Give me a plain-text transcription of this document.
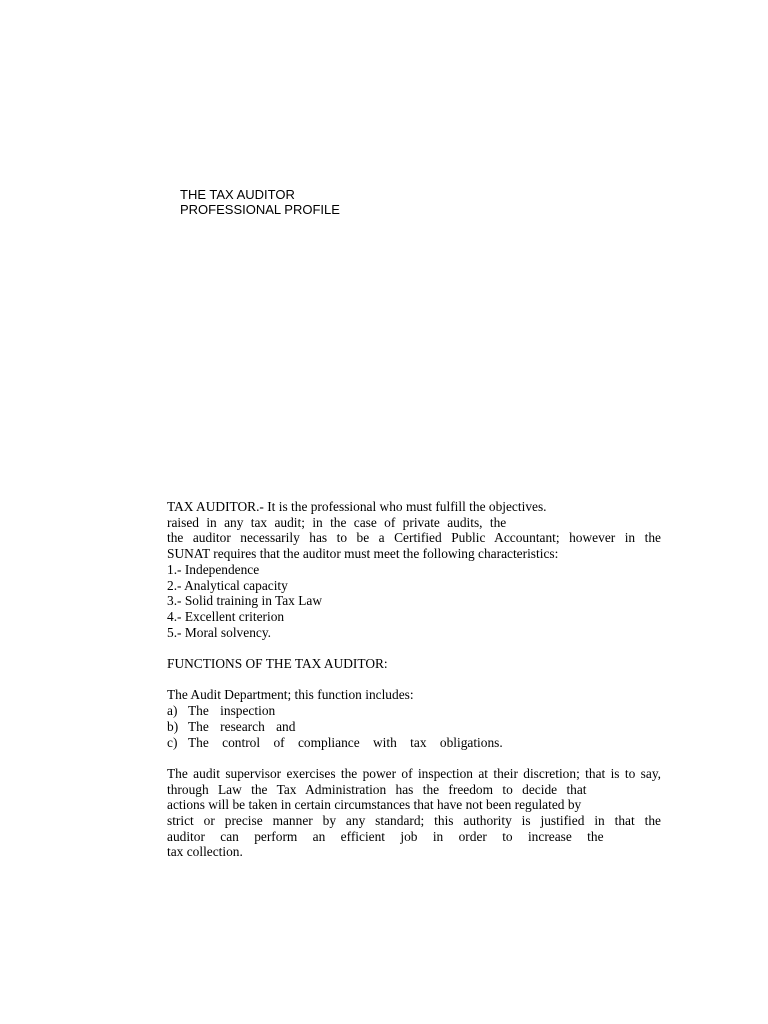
THE TAX AUDITOR
PROFESSIONAL PROFILE
TAX AUDITOR.- It is the professional who must fulfill the objectives.
raised in any tax audit; in the case of private audits, the
the auditor necessarily has to be a Certified Public Accountant; however in the
SUNAT requires that the auditor must meet the following characteristics:
1.- Independence
2.- Analytical capacity
3.- Solid training in Tax Law
4.- Excellent criterion
5.- Moral solvency.
FUNCTIONS OF THE TAX AUDITOR:
The Audit Department; this function includes:
a) The inspection
b) The research and
c) The control of compliance with tax obligations.
The audit supervisor exercises the power of inspection at their discretion; that is to say,
through Law the Tax Administration has the freedom to decide that
actions will be taken in certain circumstances that have not been regulated by
strict or precise manner by any standard; this authority is justified in that the
auditor can perform an efficient job in order to increase the
tax collection.
